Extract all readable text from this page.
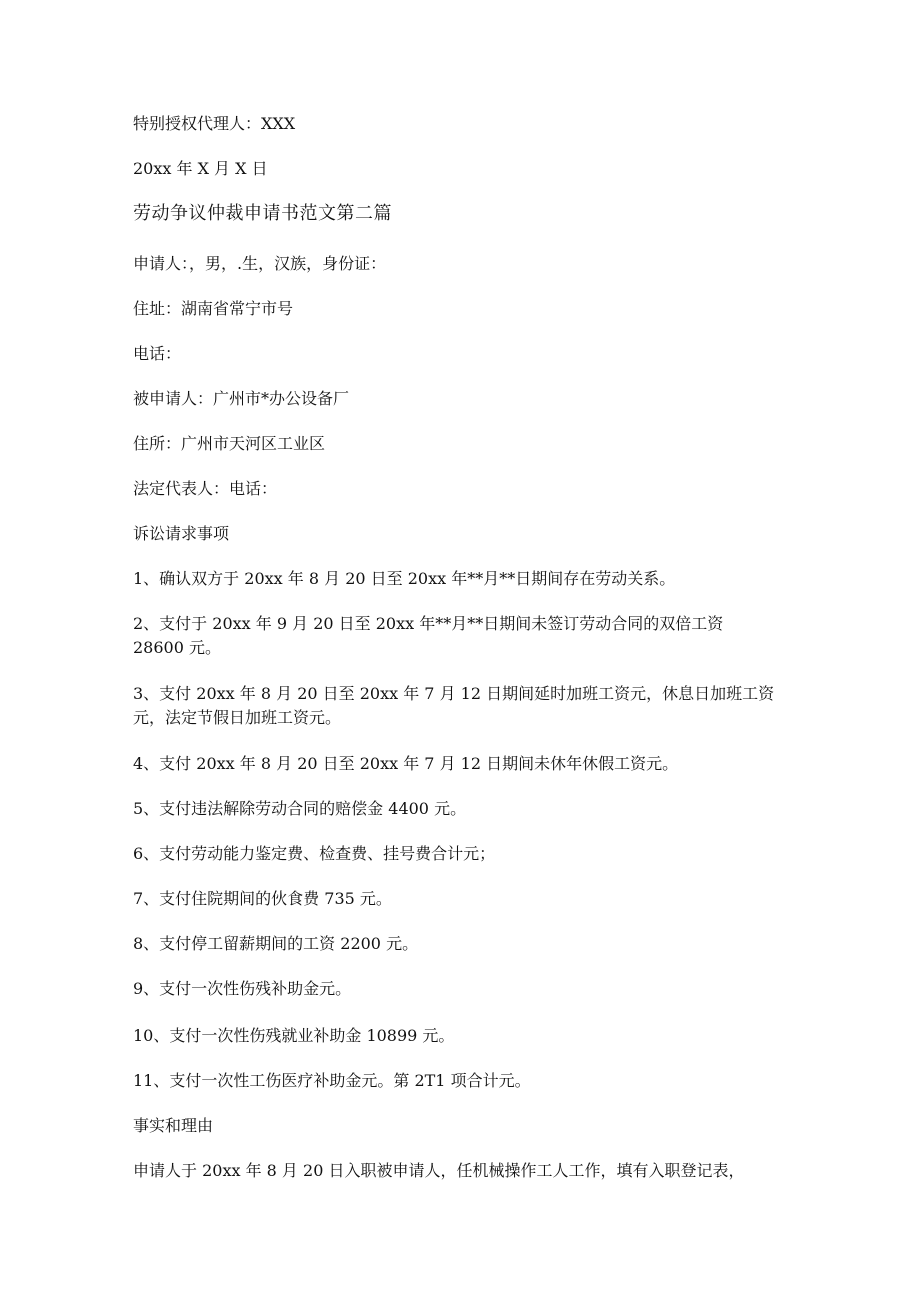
特别授权代理人：XXX
20xx 年 X 月 X 日
劳动争议仲裁申请书范文第二篇
申请人：，男，.生，汉族，身份证：
住址：湖南省常宁市号
电话：
被申请人：广州市*办公设备厂
住所：广州市天河区工业区
法定代表人：电话：
诉讼请求事项
1、确认双方于 20xx 年 8 月 20 日至 20xx 年**月**日期间存在劳动关系。
2、支付于 20xx 年 9 月 20 日至 20xx 年**月**日期间未签订劳动合同的双倍工资
28600 元。
3、支付 20xx 年 8 月 20 日至 20xx 年 7 月 12 日期间延时加班工资元，休息日加班工资
元，法定节假日加班工资元。
4、支付 20xx 年 8 月 20 日至 20xx 年 7 月 12 日期间未休年休假工资元。
5、支付违法解除劳动合同的赔偿金 4400 元。
6、支付劳动能力鉴定费、检查费、挂号费合计元；
7、支付住院期间的伙食费 735 元。
8、支付停工留薪期间的工资 2200 元。
9、支付一次性伤残补助金元。
10、支付一次性伤残就业补助金 10899 元。
11、支付一次性工伤医疗补助金元。第 2T1 项合计元。
事实和理由
申请人于 20xx 年 8 月 20 日入职被申请人，任机械操作工人工作，填有入职登记表，
